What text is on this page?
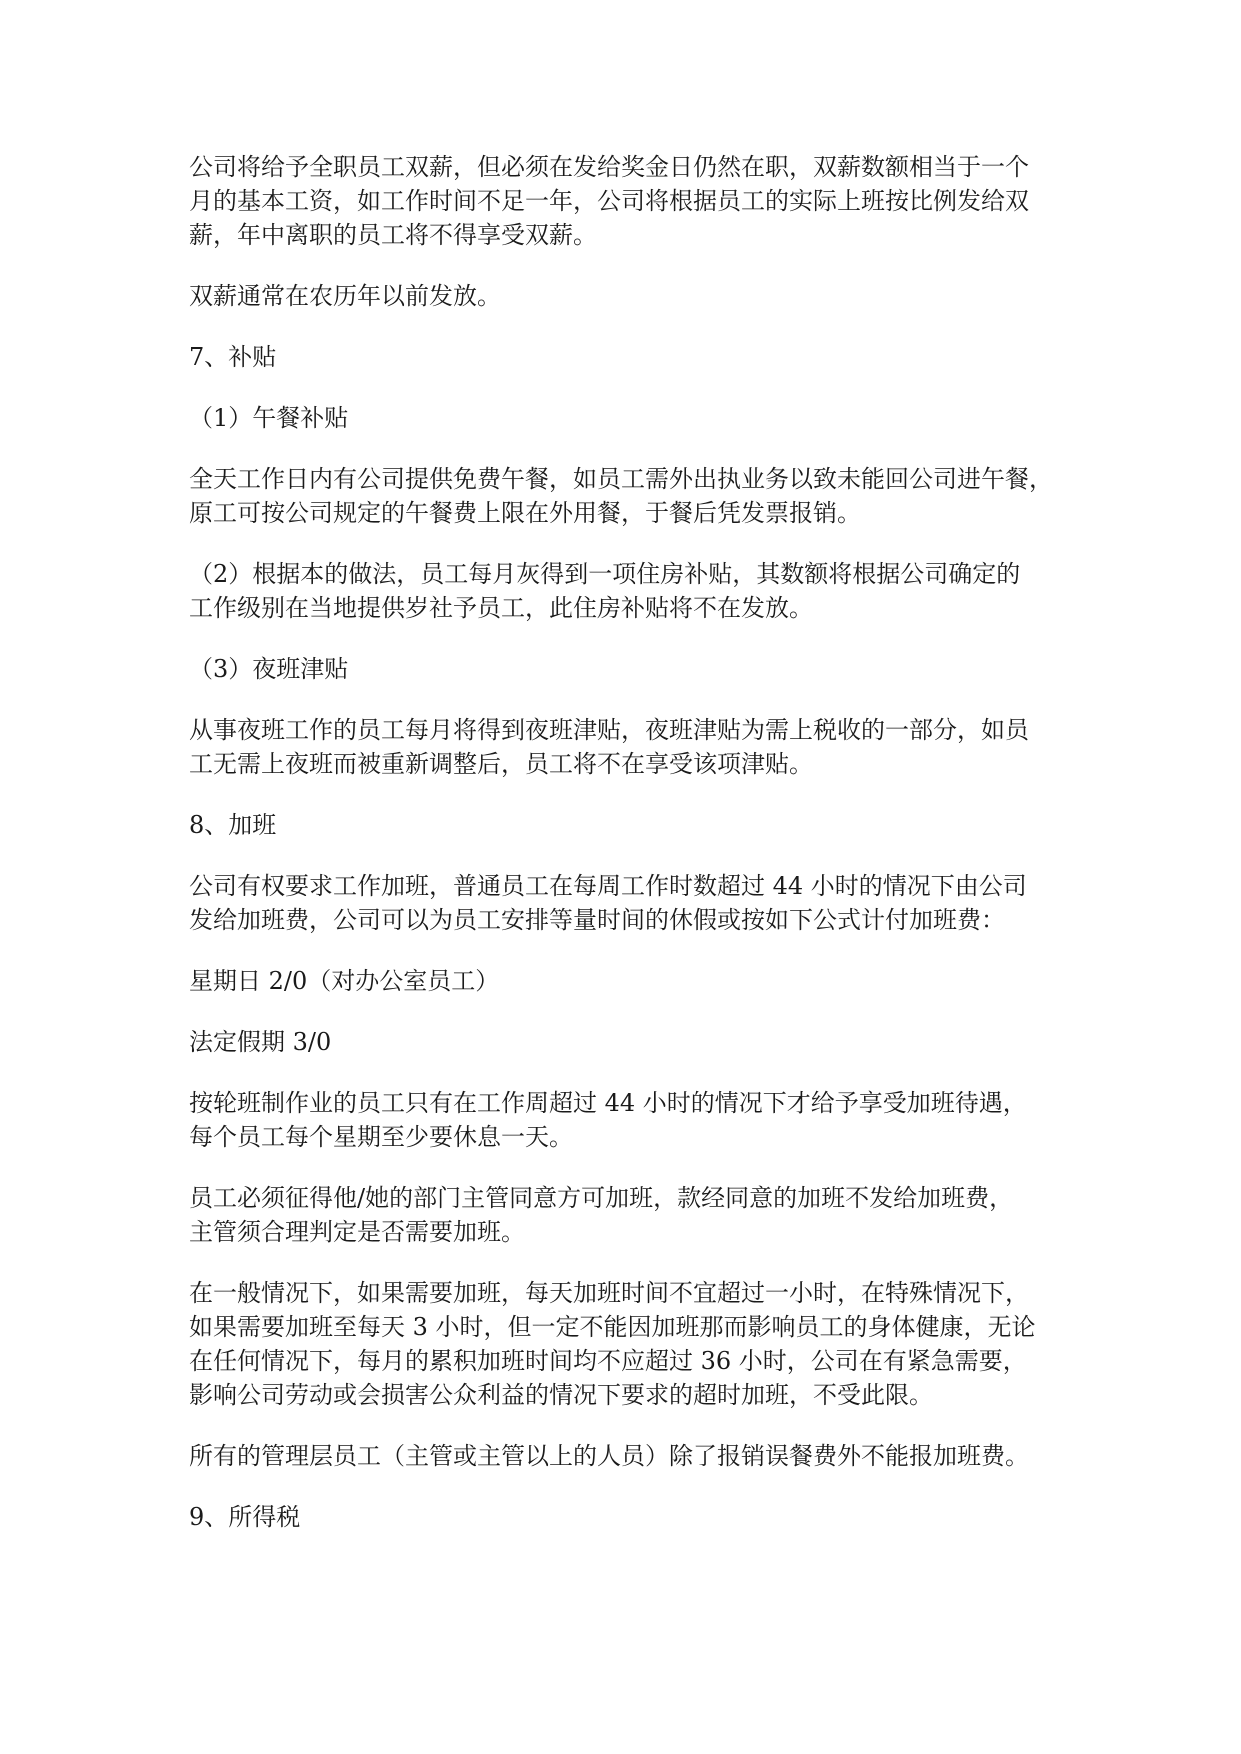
公司将给予全职员工双薪，但必须在发给奖金日仍然在职，双薪数额相当于一个
月的基本工资，如工作时间不足一年，公司将根据员工的实际上班按比例发给双
薪，年中离职的员工将不得享受双薪。

双薪通常在农历年以前发放。

7、补贴

（1）午餐补贴

全天工作日内有公司提供免费午餐，如员工需外出执业务以致未能回公司进午餐，
原工可按公司规定的午餐费上限在外用餐，于餐后凭发票报销。

（2）根据本的做法，员工每月灰得到一项住房补贴，其数额将根据公司确定的
工作级别在当地提供岁社予员工，此住房补贴将不在发放。

（3）夜班津贴

从事夜班工作的员工每月将得到夜班津贴，夜班津贴为需上税收的一部分，如员
工无需上夜班而被重新调整后，员工将不在享受该项津贴。

8、加班

公司有权要求工作加班，普通员工在每周工作时数超过 44 小时的情况下由公司
发给加班费，公司可以为员工安排等量时间的休假或按如下公式计付加班费：

星期日 2/0（对办公室员工）

法定假期 3/0

按轮班制作业的员工只有在工作周超过 44 小时的情况下才给予享受加班待遇，
每个员工每个星期至少要休息一天。

员工必须征得他/她的部门主管同意方可加班，款经同意的加班不发给加班费，
主管须合理判定是否需要加班。

在一般情况下，如果需要加班，每天加班时间不宜超过一小时，在特殊情况下，
如果需要加班至每天 3 小时，但一定不能因加班那而影响员工的身体健康，无论
在任何情况下，每月的累积加班时间均不应超过 36 小时，公司在有紧急需要，
影响公司劳动或会损害公众利益的情况下要求的超时加班，不受此限。

所有的管理层员工（主管或主管以上的人员）除了报销误餐费外不能报加班费。

9、所得税
